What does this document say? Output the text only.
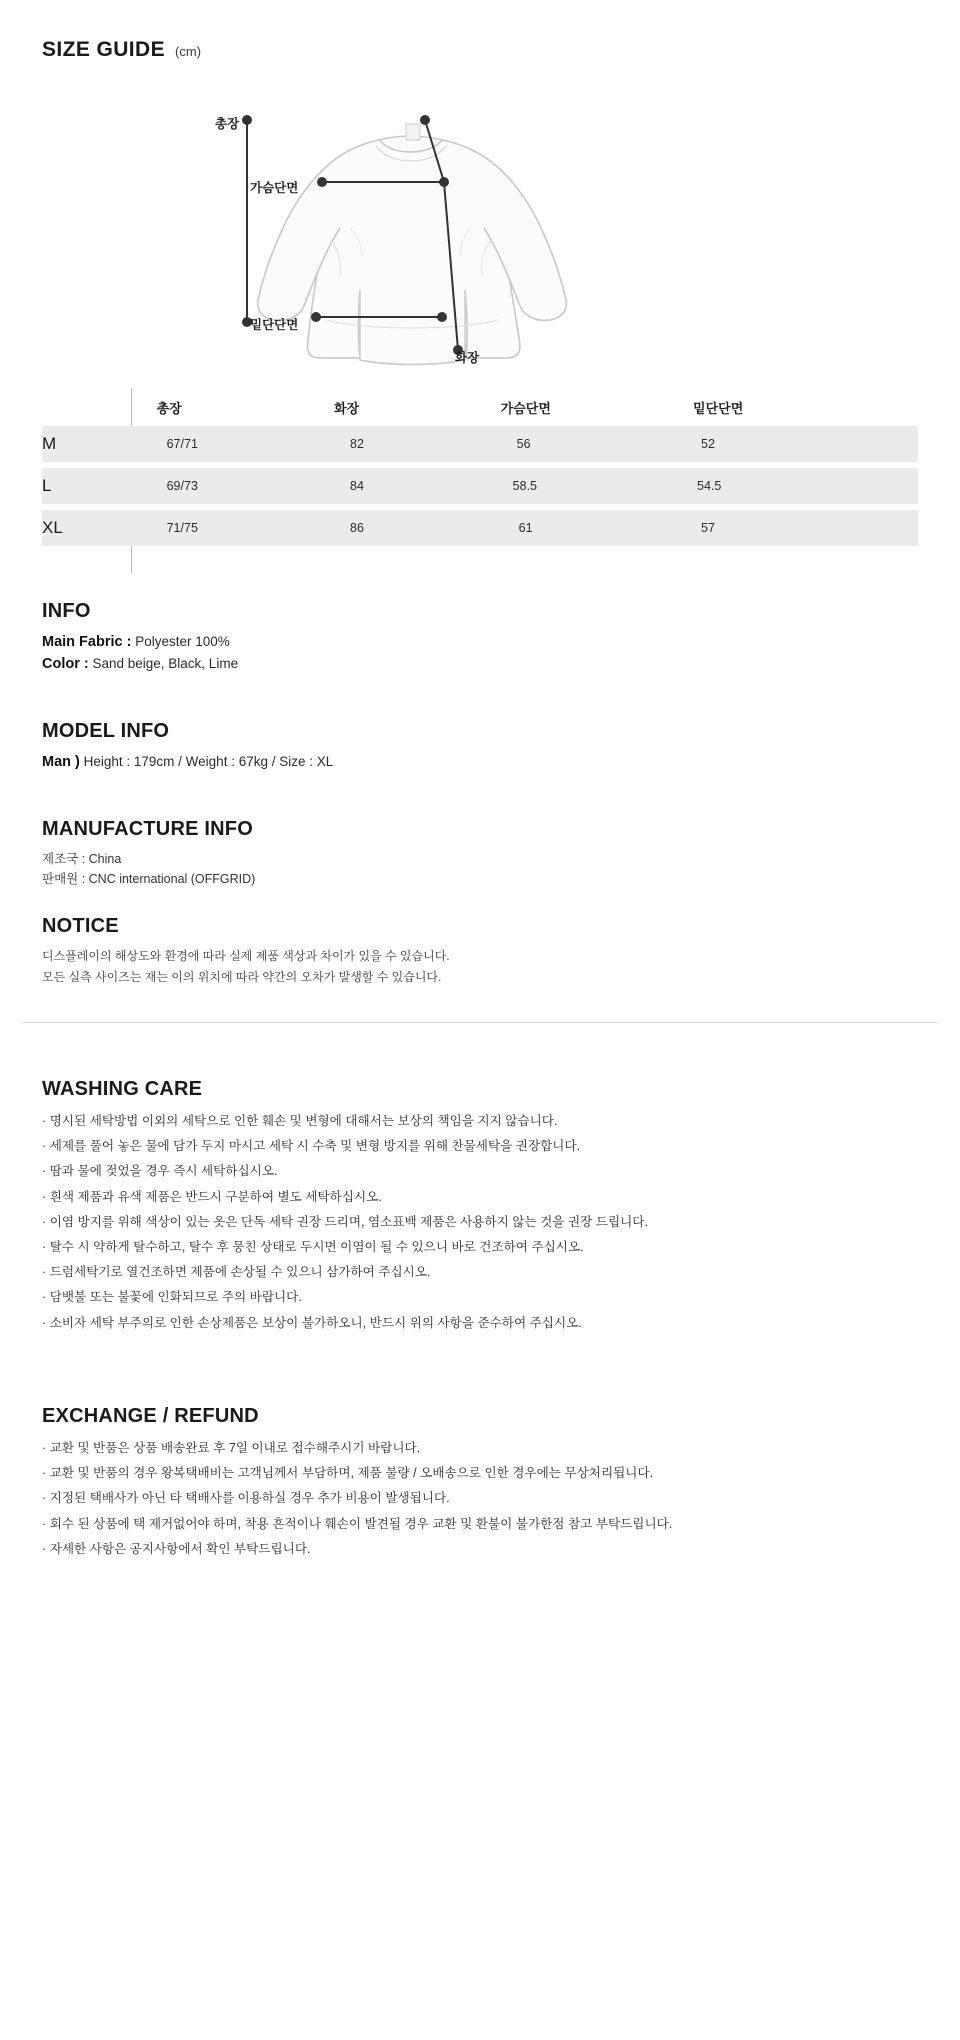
SIZE GUIDE (cm)
총장
가슴단면
밑단단면
화장
	총장	화장	가슴단면	밑단단면
M	67/71	82	56	52

L	69/73	84	58.5	54.5

XL	71/75	86	61	57
INFO
Main Fabric : Polyester 100%
Color : Sand beige, Black, Lime
MODEL INFO
Man ) Height : 179cm / Weight : 67kg / Size : XL
MANUFACTURE INFO
제조국 : China
판매원 : CNC international (OFFGRID)
NOTICE
디스플레이의 해상도와 환경에 따라 실제 제품 색상과 차이가 있을 수 있습니다.
모든 실측 사이즈는 재는 이의 위치에 따라 약간의 오차가 발생할 수 있습니다.
WASHING CARE
· 명시된 세탁방법 이외의 세탁으로 인한 훼손 및 변형에 대해서는 보상의 책임을 지지 않습니다.
· 세제를 풀어 놓은 물에 담가 두지 마시고 세탁 시 수축 및 변형 방지를 위해 찬물세탁을 권장합니다.
· 땀과 물에 젖었을 경우 즉시 세탁하십시오.
· 흰색 제품과 유색 제품은 반드시 구분하여 별도 세탁하십시오.
· 이염 방지를 위해 색상이 있는 옷은 단독 세탁 권장 드리며, 염소표백 제품은 사용하지 않는 것을 권장 드립니다.
· 탈수 시 약하게 탈수하고, 탈수 후 뭉친 상태로 두시면 이염이 될 수 있으니 바로 건조하여 주십시오.
· 드럼세탁기로 열건조하면 제품에 손상될 수 있으니 삼가하여 주십시오.
· 담뱃불 또는 불꽃에 인화되므로 주의 바랍니다.
· 소비자 세탁 부주의로 인한 손상제품은 보상이 불가하오니, 반드시 위의 사항을 준수하여 주십시오.
EXCHANGE / REFUND
· 교환 및 반품은 상품 배송완료 후 7일 이내로 접수해주시기 바랍니다.
· 교환 및 반품의 경우 왕복택배비는 고객님께서 부담하며, 제품 불량 / 오배송으로 인한 경우에는 무상처리됩니다.
· 지정된 택배사가 아닌 타 택배사를 이용하실 경우 추가 비용이 발생됩니다.
· 회수 된 상품에 택 제거없어야 하며, 착용 흔적이나 훼손이 발견될 경우 교환 및 환불이 불가한점 참고 부탁드립니다.
· 자세한 사항은 공지사항에서 확인 부탁드립니다.
